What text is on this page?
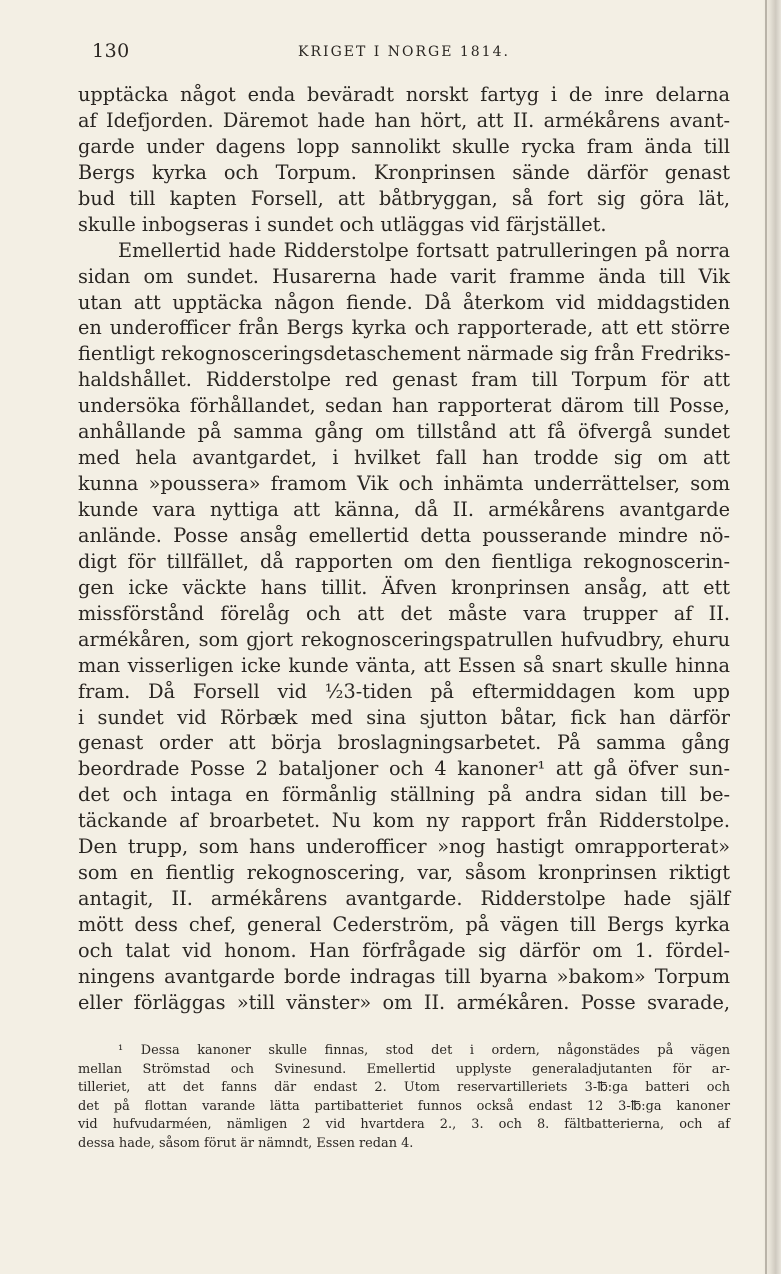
130	KRIGET I NORGE 1814.
upptäcka något enda beväradt norskt fartyg i de inre delarna
af Idefjorden. Däremot hade han hört, att II. armékårens avant-
garde under dagens lopp sannolikt skulle rycka fram ända till
Bergs kyrka och Torpum. Kronprinsen sände därför genast
bud till kapten Forsell, att båtbryggan, så fort sig göra lät,
skulle inbogseras i sundet och utläggas vid färjstället.
Emellertid hade Ridderstolpe fortsatt patrulleringen på norra
sidan om sundet. Husarerna hade varit framme ända till Vik
utan att upptäcka någon fiende. Då återkom vid middagstiden
en underofficer från Bergs kyrka och rapporterade, att ett större
fientligt rekognosceringsdetaschement närmade sig från Fredriks-
haldshållet. Ridderstolpe red genast fram till Torpum för att
undersöka förhållandet, sedan han rapporterat därom till Posse,
anhållande på samma gång om tillstånd att få öfvergå sundet
med hela avantgardet, i hvilket fall han trodde sig om att
kunna »poussera» framom Vik och inhämta underrättelser, som
kunde vara nyttiga att känna, då II. armékårens avantgarde
anlände. Posse ansåg emellertid detta pousserande mindre nö-
digt för tillfället, då rapporten om den fientliga rekognoscerin-
gen icke väckte hans tillit. Äfven kronprinsen ansåg, att ett
missförstånd förelåg och att det måste vara trupper af II.
armékåren, som gjort rekognosceringspatrullen hufvudbry, ehuru
man visserligen icke kunde vänta, att Essen så snart skulle hinna
fram. Då Forsell vid ½3-tiden på eftermiddagen kom upp
i sundet vid Rörbæk med sina sjutton båtar, fick han därför
genast order att börja broslagningsarbetet. På samma gång
beordrade Posse 2 bataljoner och 4 kanoner¹ att gå öfver sun-
det och intaga en förmånlig ställning på andra sidan till be-
täckande af broarbetet. Nu kom ny rapport från Ridderstolpe.
Den trupp, som hans underofficer »nog hastigt omrapporterat»
som en fientlig rekognoscering, var, såsom kronprinsen riktigt
antagit, II. armékårens avantgarde. Ridderstolpe hade själf
mött dess chef, general Cederström, på vägen till Bergs kyrka
och talat vid honom. Han förfrågade sig därför om 1. fördel-
ningens avantgarde borde indragas till byarna »bakom» Torpum
eller förläggas »till vänster» om II. armékåren. Posse svarade,
¹ Dessa kanoner skulle finnas, stod det i ordern, någonstädes på vägen
mellan Strömstad och Svinesund. Emellertid upplyste generaladjutanten för ar-
tilleriet, att det fanns där endast 2. Utom reservartilleriets 3-℔:ga batteri och
det på flottan varande lätta partibatteriet funnos också endast 12 3-℔:ga kanoner
vid hufvudarméen, nämligen 2 vid hvartdera 2., 3. och 8. fältbatterierna, och af
dessa hade, såsom förut är nämndt, Essen redan 4.
